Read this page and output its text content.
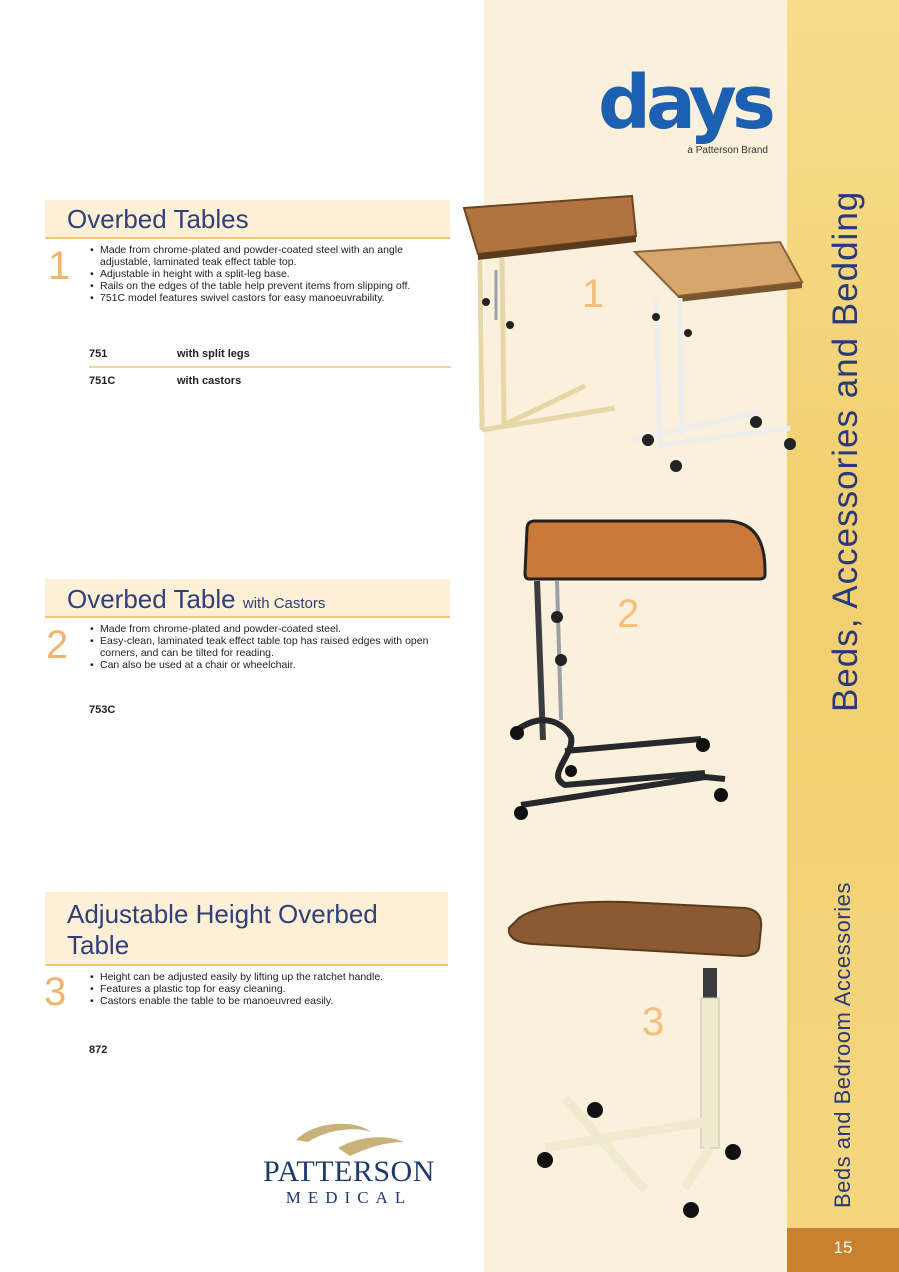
15
Beds, Accessories and Bedding
Beds and Bedroom Accessories
days
a Patterson Brand
Overbed Tables
1	• Made from chrome-plated and powder-coated steel with an angle adjustable, laminated teak effect table top.
• Adjustable in height with a split-leg base.
• Rails on the edges of the table help prevent items from slipping off.
• 751C model features swivel castors for easy manoeuvrability.
751	with split legs
751C	with castors
Overbed Table with Castors
2	• Made from chrome-plated and powder-coated steel.
• Easy-clean, laminated teak effect table top has raised edges with open corners, and can be tilted for reading.
• Can also be used at a chair or wheelchair.
753C
Adjustable Height Overbed
Table
3	• Height can be adjusted easily by lifting up the ratchet handle.
• Features a plastic top for easy cleaning.
• Castors enable the table to be manoeuvred easily.
872
PATTERSON
MEDICAL
1
2
3
